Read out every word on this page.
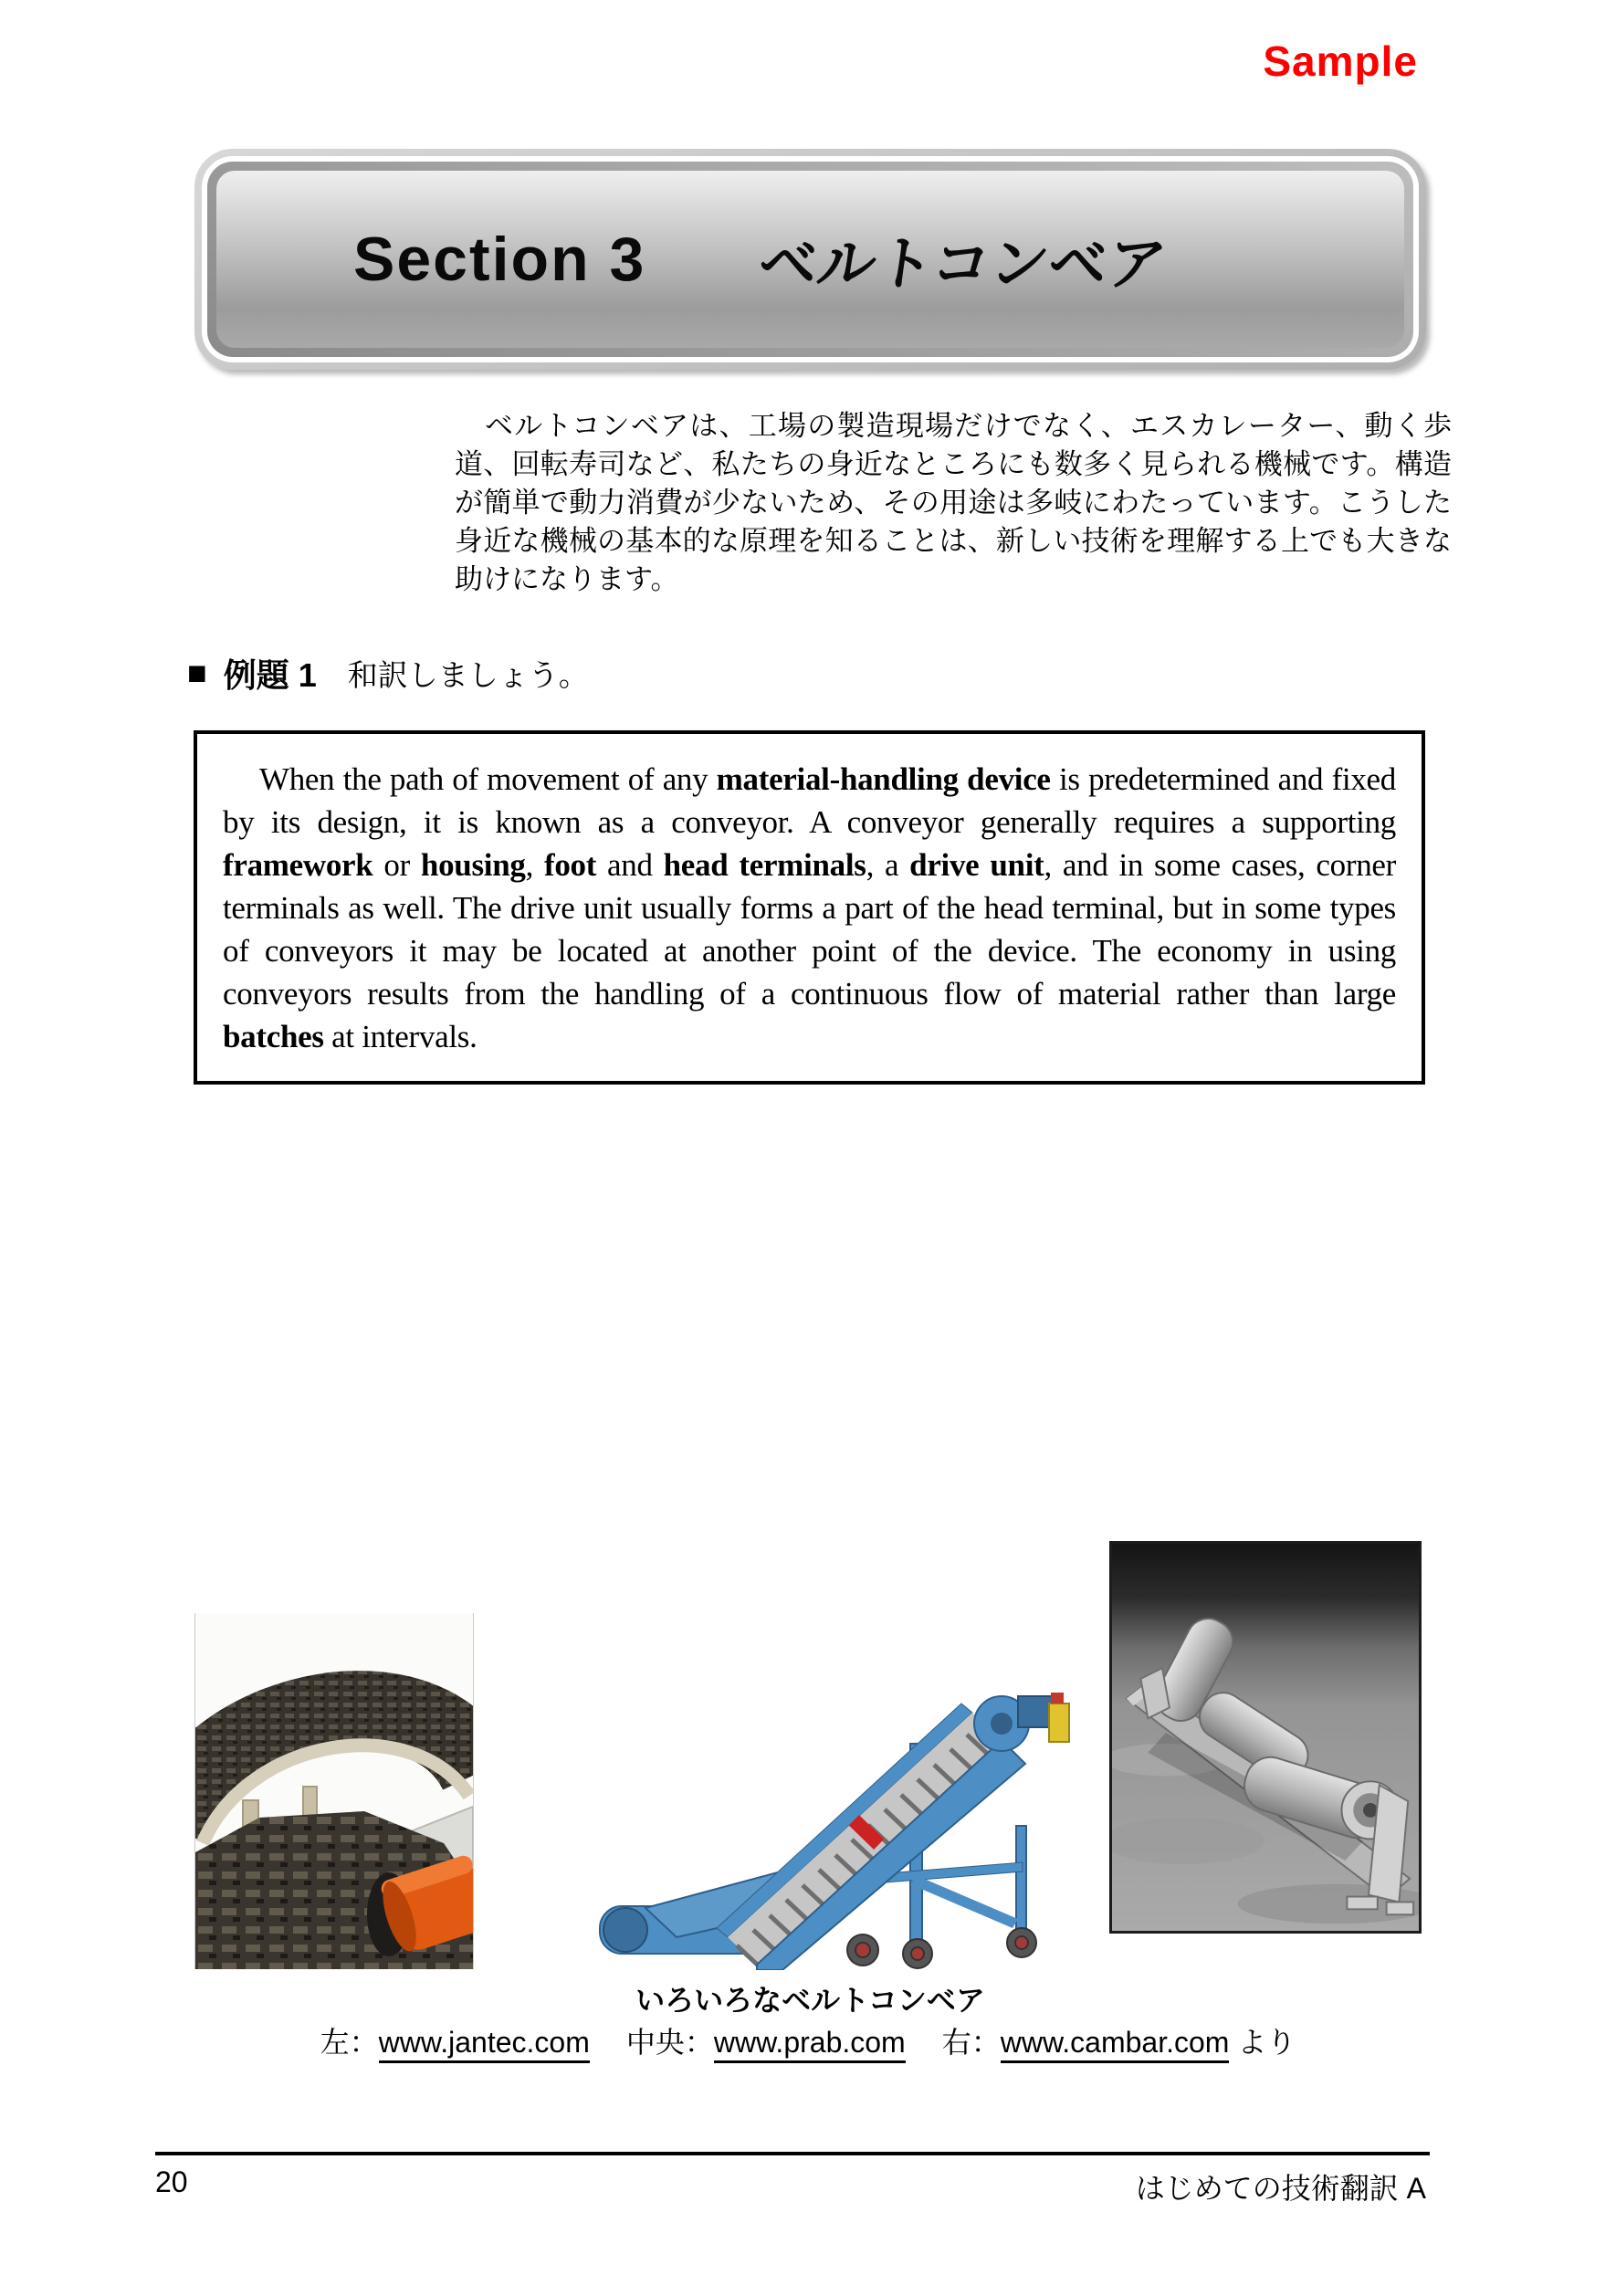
Sample
Section 3 ベルトコンベア
ベルトコンベアは、工場の製造現場だけでなく、エスカレーター、動く歩道、回転寿司など、私たちの身近なところにも数多く見られる機械です。構造が簡単で動力消費が少ないため、その用途は多岐にわたっています。こうした身近な機械の基本的な原理を知ることは、新しい技術を理解する上でも大きな助けになります。
■ 例題 1 和訳しましょう。
When the path of movement of any material-handling device is predetermined and fixed by its design, it is known as a conveyor. A conveyor generally requires a supporting framework or housing, foot and head terminals, a drive unit, and in some cases, corner terminals as well. The drive unit usually forms a part of the head terminal, but in some types of conveyors it may be located at another point of the device. The economy in using conveyors results from the handling of a continuous flow of material rather than large batches at intervals.
いろいろなベルトコンベア
左：www.jantec.com 中央：www.prab.com 右：www.cambar.com より
20	はじめての技術翻訳 A
